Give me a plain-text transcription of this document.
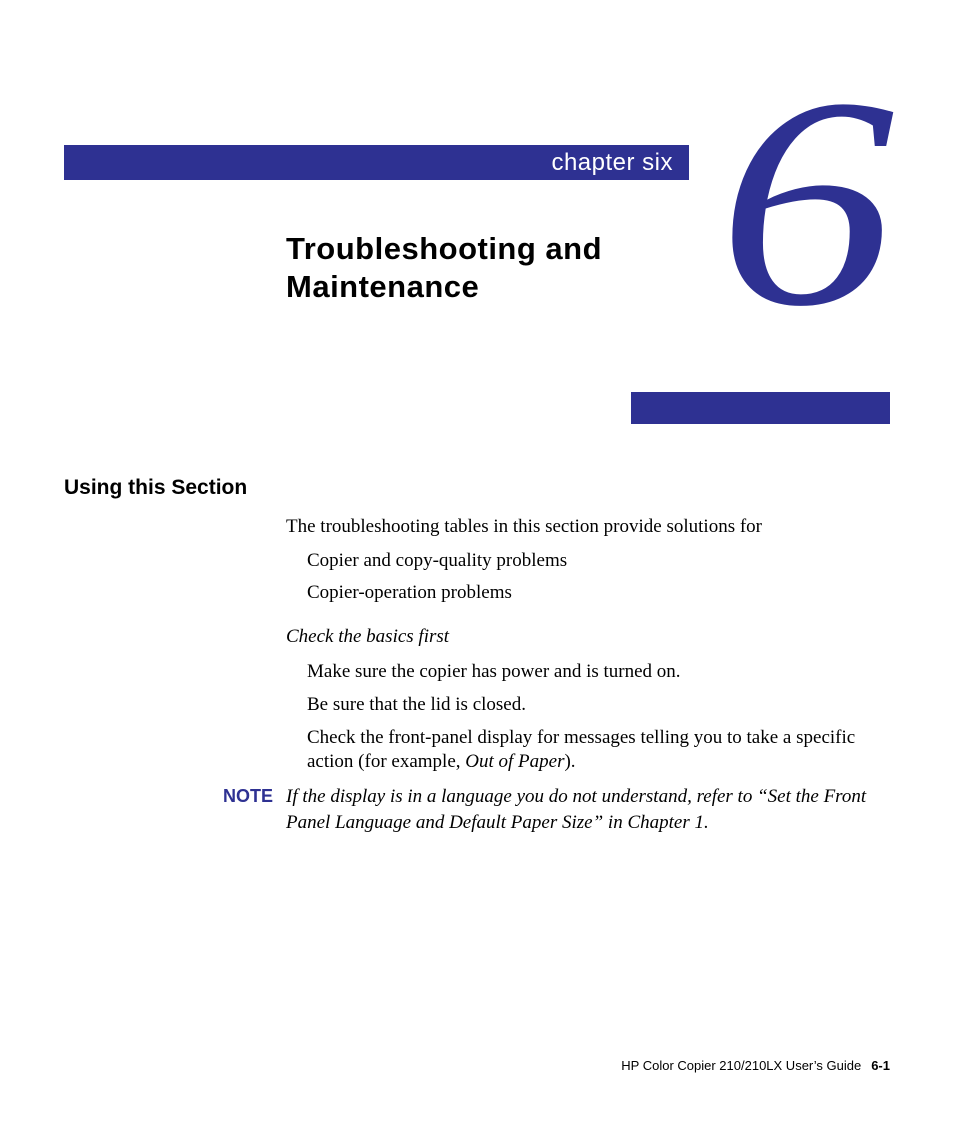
chapter six 6
Troubleshooting and
Maintenance
Using this Section

The troubleshooting tables in this section provide solutions for

Copier and copy-quality problems

Copier-operation problems

Check the basics first

Make sure the copier has power and is turned on.

Be sure that the lid is closed.

Check the front-panel display for messages telling you to take a specific

action (for example, Out of Paper).

NOTE If the display is in a language you do not understand, refer to “Set the Front Panel Language and Default Paper Size” in Chapter 1.

HP Color Copier 210/210LX User’s Guide 6-1
